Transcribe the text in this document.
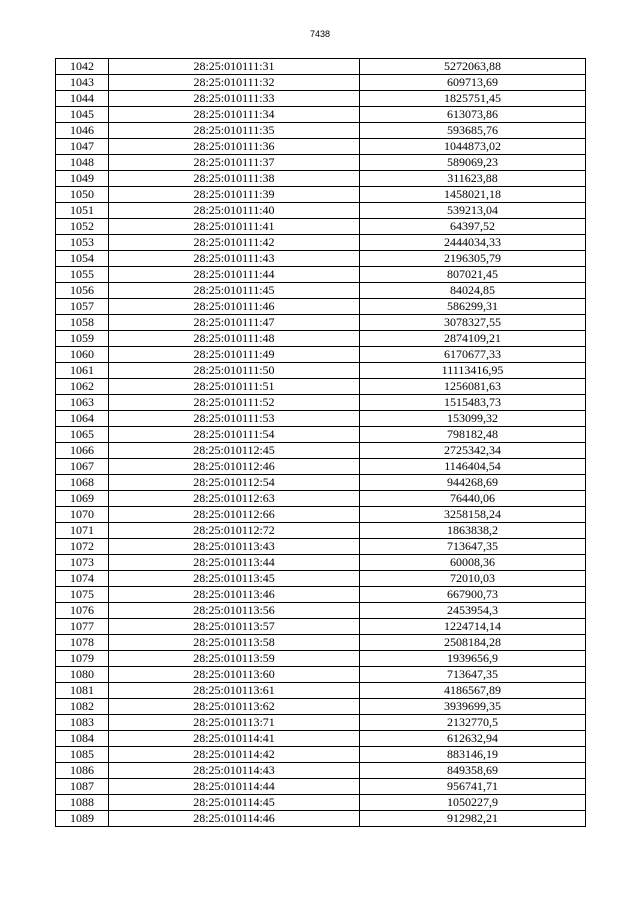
7438
1042	28:25:010111:31	5272063,88
1043	28:25:010111:32	609713,69
1044	28:25:010111:33	1825751,45
1045	28:25:010111:34	613073,86
1046	28:25:010111:35	593685,76
1047	28:25:010111:36	1044873,02
1048	28:25:010111:37	589069,23
1049	28:25:010111:38	311623,88
1050	28:25:010111:39	1458021,18
1051	28:25:010111:40	539213,04
1052	28:25:010111:41	64397,52
1053	28:25:010111:42	2444034,33
1054	28:25:010111:43	2196305,79
1055	28:25:010111:44	807021,45
1056	28:25:010111:45	84024,85
1057	28:25:010111:46	586299,31
1058	28:25:010111:47	3078327,55
1059	28:25:010111:48	2874109,21
1060	28:25:010111:49	6170677,33
1061	28:25:010111:50	11113416,95
1062	28:25:010111:51	1256081,63
1063	28:25:010111:52	1515483,73
1064	28:25:010111:53	153099,32
1065	28:25:010111:54	798182,48
1066	28:25:010112:45	2725342,34
1067	28:25:010112:46	1146404,54
1068	28:25:010112:54	944268,69
1069	28:25:010112:63	76440,06
1070	28:25:010112:66	3258158,24
1071	28:25:010112:72	1863838,2
1072	28:25:010113:43	713647,35
1073	28:25:010113:44	60008,36
1074	28:25:010113:45	72010,03
1075	28:25:010113:46	667900,73
1076	28:25:010113:56	2453954,3
1077	28:25:010113:57	1224714,14
1078	28:25:010113:58	2508184,28
1079	28:25:010113:59	1939656,9
1080	28:25:010113:60	713647,35
1081	28:25:010113:61	4186567,89
1082	28:25:010113:62	3939699,35
1083	28:25:010113:71	2132770,5
1084	28:25:010114:41	612632,94
1085	28:25:010114:42	883146,19
1086	28:25:010114:43	849358,69
1087	28:25:010114:44	956741,71
1088	28:25:010114:45	1050227,9
1089	28:25:010114:46	912982,21
